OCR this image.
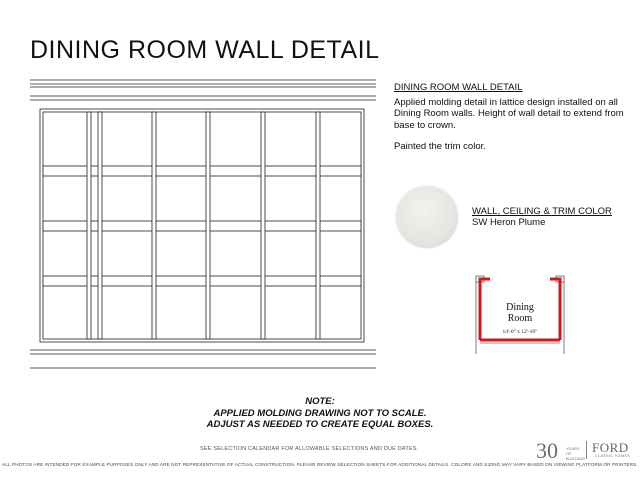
DINING ROOM WALL DETAIL
DINING ROOM WALL DETAIL

Applied molding detail in lattice design installed on all Dining Room walls. Height of wall detail to extend from base to crown.

Painted the trim color.

WALL, CEILING & TRIM COLOR
SW Heron Plume
Dining
Room
14'-0" x 12'-10"
NOTE:
APPLIED MOLDING DRAWING NOT TO SCALE.
ADJUST AS NEEDED TO CREATE EQUAL BOXES.
SEE SELECTION CALENDAR FOR ALLOWABLE SELECTIONS AND DUE DATES.	30 YEARS OF BUILDING
FORD
CLASSIC HOMES
ALL PHOTOS ARE INTENDED FOR EXAMPLE PURPOSES ONLY AND ARE NOT REPRESENTATIVE OF ACTUAL CONSTRUCTION. PLEASE REVIEW SELECTION SHEETS FOR ADDITIONAL DETAILS. COLORS AND SIZING MAY VARY BASED ON VIEWING PLATFORM OR PRINTERS.
